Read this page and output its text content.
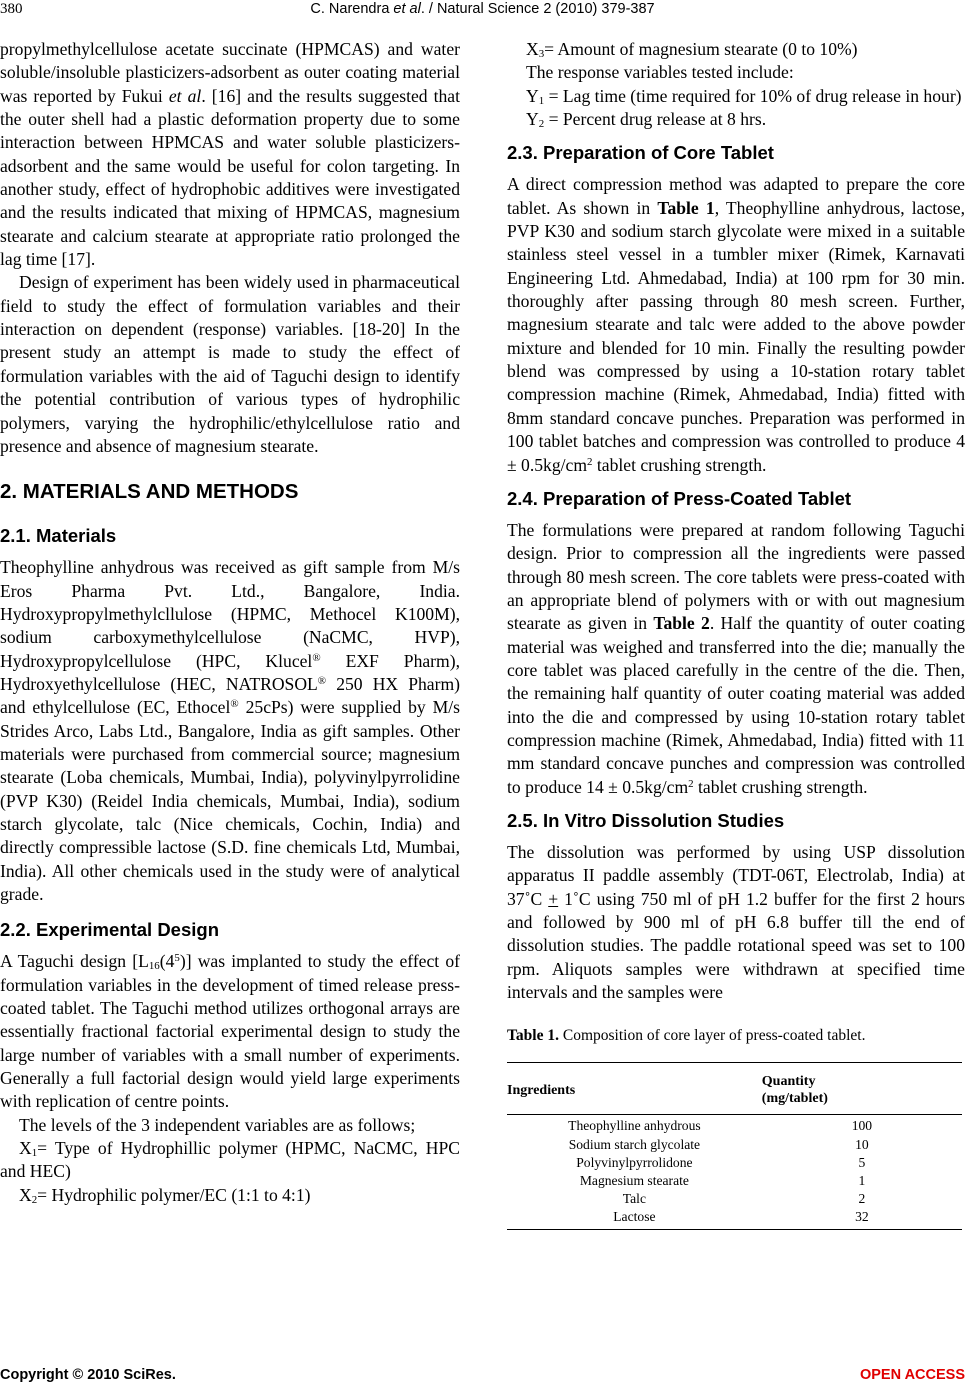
380	C. Narendra et al. / Natural Science 2 (2010) 379-387

propylmethylcellulose acetate succinate (HPMCAS) and water soluble/insoluble plasticizers-adsorbent as outer coating material was reported by Fukui et al. [16] and the results suggested that the outer shell had a plastic deformation property due to some interaction between HPMCAS and water soluble plasticizers-adsorbent and the same would be useful for colon targeting. In another study, effect of hydrophobic additives were investigated and the results indicated that mixing of HPMCAS, magnesium stearate and calcium stearate at appropriate ratio prolonged the lag time [17].

Design of experiment has been widely used in pharmaceutical field to study the effect of formulation variables and their interaction on dependent (response) variables. [18-20] In the present study an attempt is made to study the effect of formulation variables with the aid of Taguchi design to identify the potential contribution of various types of hydrophilic polymers, varying the hydrophilic/ethylcellulose ratio and presence and absence of magnesium stearate.

2. MATERIALS AND METHODS
2.1. Materials

Theophylline anhydrous was received as gift sample from M/s Eros Pharma Pvt. Ltd., Bangalore, India. Hydroxypropylmethylcllulose (HPMC, Methocel K100M), sodium carboxymethylcellulose (NaCMC, HVP), Hydroxypropylcellulose (HPC, Klucel® EXF Pharm), Hydroxyethylcellulose (HEC, NATROSOL® 250 HX Pharm) and ethylcellulose (EC, Ethocel® 25cPs) were supplied by M/s Strides Arco, Labs Ltd., Bangalore, India as gift samples. Other materials were purchased from commercial source; magnesium stearate (Loba chemicals, Mumbai, India), polyvinylpyrrolidine (PVP K30) (Reidel India chemicals, Mumbai, India), sodium starch glycolate, talc (Nice chemicals, Cochin, India) and directly compressible lactose (S.D. fine chemicals Ltd, Mumbai, India). All other chemicals used in the study were of analytical grade.

2.2. Experimental Design

A Taguchi design $[L_{16}(4^5)]$ was implanted to study the effect of formulation variables in the development of timed release press-coated tablet. The Taguchi method utilizes orthogonal arrays are essentially fractional factorial experimental design to study the large number of variables with a small number of experiments. Generally a full factorial design would yield large experiments with replication of centre points.

The levels of the 3 independent variables are as follows;

$X_1=$ Type of Hydrophillic polymer (HPMC, NaCMC, HPC and HEC)

$X_2=$ Hydrophilic polymer/EC (1:1 to 4:1)

$X_3=$ Amount of magnesium stearate (0 to 10%)

The response variables tested include:

$Y_1$ = Lag time (time required for 10% of drug release in hour)

$Y_2$ = Percent drug release at 8 hrs.

2.3. Preparation of Core Tablet

A direct compression method was adapted to prepare the core tablet. As shown in Table 1, Theophylline anhydrous, lactose, PVP K30 and sodium starch glycolate were mixed in a suitable stainless steel vessel in a tumbler mixer (Rimek, Karnavati Engineering Ltd. Ahmedabad, India) at 100 rpm for 30 min. thoroughly after passing through 80 mesh screen. Further, magnesium stearate and talc were added to the above powder mixture and blended for 10 min. Finally the resulting powder blend was compressed by using a 10-station rotary tablet compression machine (Rimek, Ahmedabad, India) fitted with 8mm standard concave punches. Preparation was performed in 100 tablet batches and compression was controlled to produce $4 \pm 0.5kg/cm^2$ tablet crushing strength.

2.4. Preparation of Press-Coated Tablet

The formulations were prepared at random following Taguchi design. Prior to compression all the ingredients were passed through 80 mesh screen. The core tablets were press-coated with an appropriate blend of polymers with or with out magnesium stearate as given in Table 2. Half the quantity of outer coating material was weighed and transferred into the die; manually the core tablet was placed carefully in the centre of the die. Then, the remaining half quantity of outer coating material was added into the die and compressed by using 10-station rotary tablet compression machine (Rimek, Ahmedabad, India) fitted with 11 mm standard concave punches and compression was controlled to produce $14 \pm 0.5kg/cm^2$ tablet crushing strength.

2.5. In Vitro Dissolution Studies

The dissolution was performed by using USP dissolution apparatus II paddle assembly (TDT-06T, Electrolab, India) at 37˚C + 1˚C using 750 ml of pH 1.2 buffer for the first 2 hours and followed by 900 ml of pH 6.8 buffer till the end of dissolution studies. The paddle rotational speed was set to 100 rpm. Aliquots samples were withdrawn at specified time intervals and the samples were

Table 1. Composition of core layer of press-coated tablet.
Ingredients	Quantity
(mg/tablet)
Theophylline anhydrous	100
Sodium starch glycolate	10
Polyvinylpyrrolidone	5
Magnesium stearate	1
Talc	2
Lactose	32
Copyright © 2010 SciRes.	OPEN ACCESS
